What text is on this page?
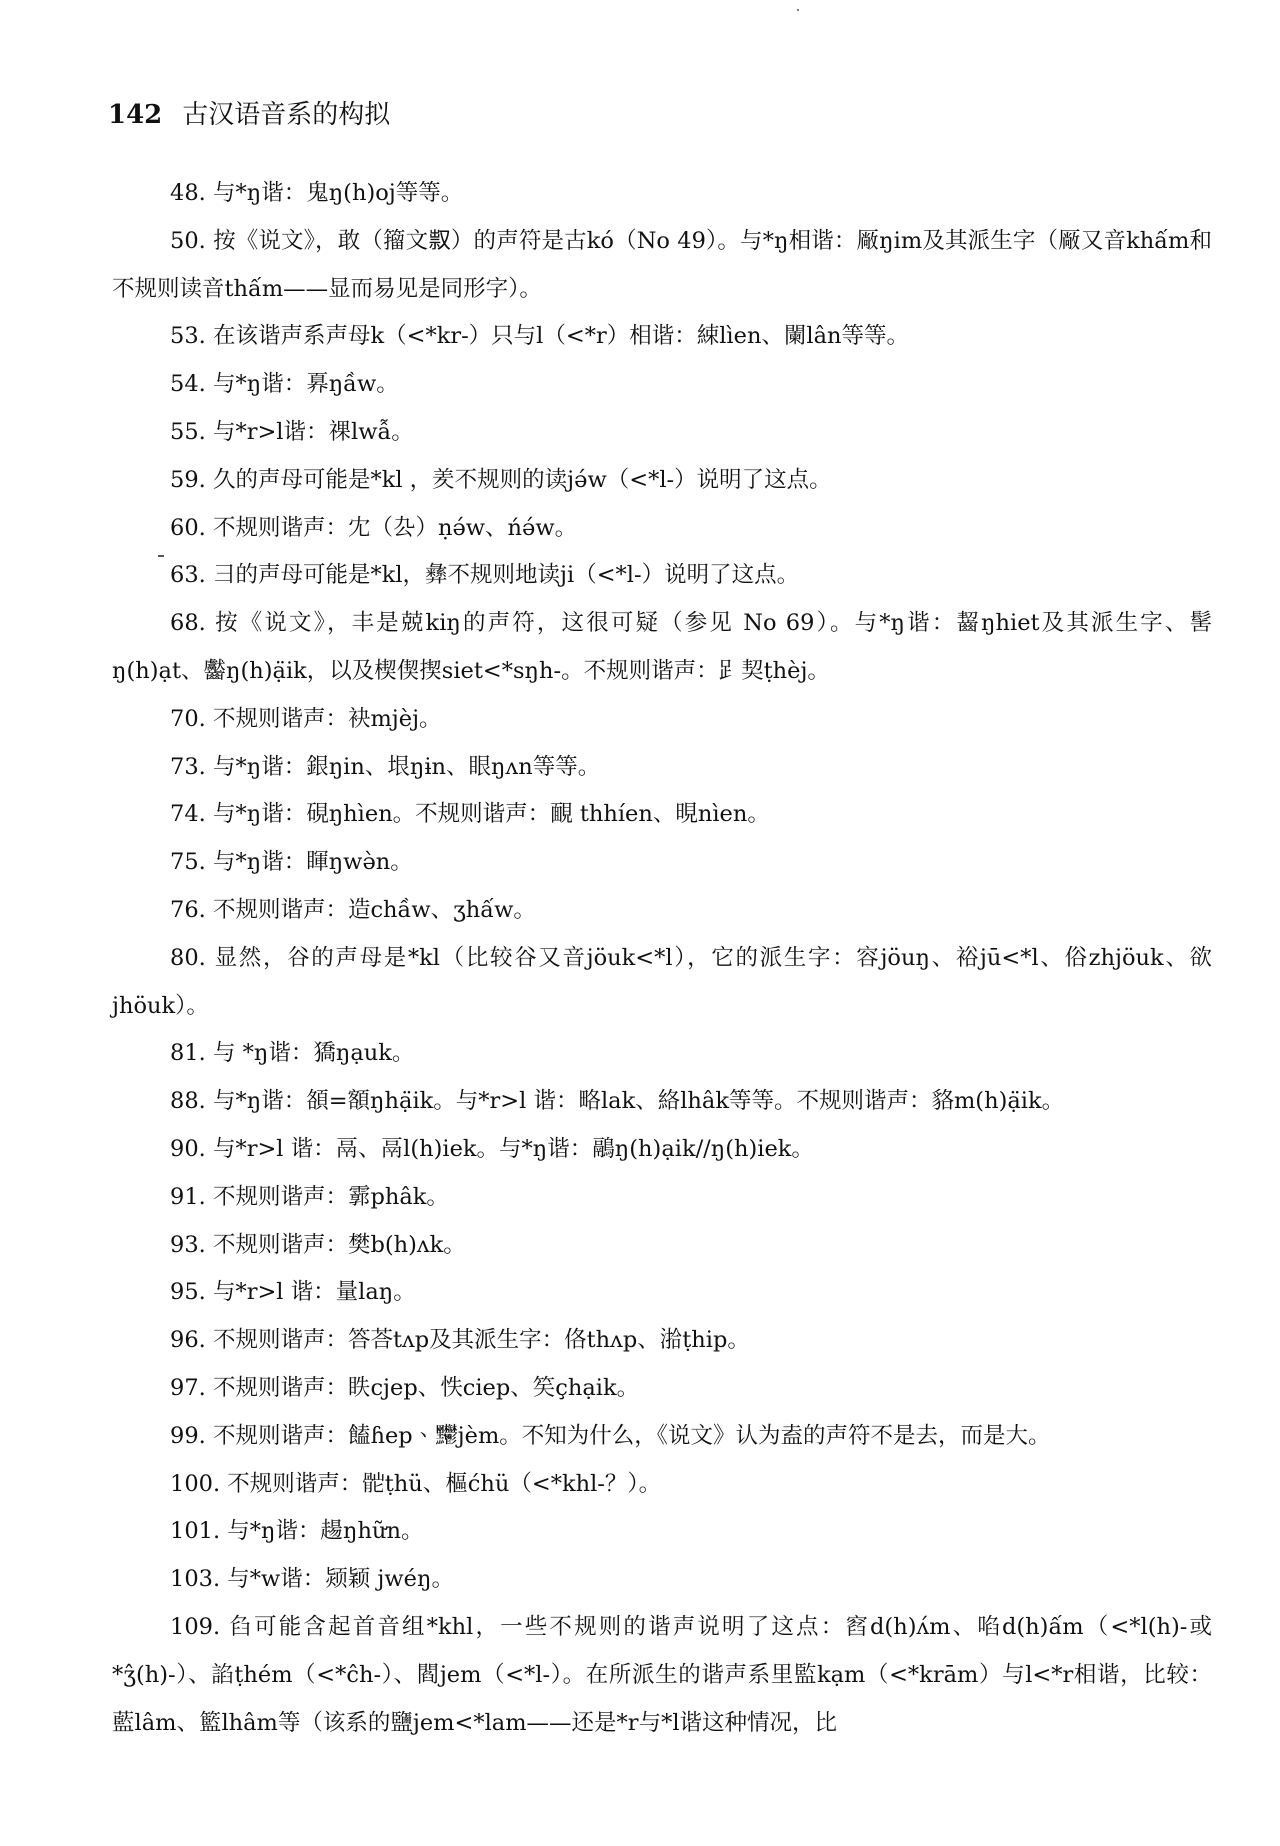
142 古汉语音系的构拟

48. 与*ŋ谐：鬼ŋ(h)oj等等。

50. 按《说文》，敢（籀文𠭥）的声符是古kó（No 49）。与*ŋ相谐：厰ŋim及其派生字（厰又音khấm和不规则读音thấm——显而易见是同形字）。

53. 在该谐声系声母k（<*kr-）只与l（<*r）相谐：綀lìen、闌lân等等。

54. 与*ŋ谐：奡ŋầw。

55. 与*r>l谐：祼lwẫ。

59. 久的声母可能是*kl ，羑不规则的读jə́w（<*l-）说明了这点。

60. 不规则谐声：冘（厹）ṇə́w、ńə́w。

63. 彐的声母可能是*kl，彝不规则地读ji（<*l-）说明了这点。

68. 按《说文》，丰是兢kiŋ的声符，这很可疑（参见 No 69）。与*ŋ谐：齧ŋhiet及其派生字、髺ŋ(h)ạt、齾ŋ(h)ạ̈ik，以及楔偰揳siet<*sŋh-。不规则谐声：𧾷契ṭhèj。

70. 不规则谐声：袂mjèj。

73. 与*ŋ谐：銀ŋin、垠ŋɨn、眼ŋʌn等等。

74. 与*ŋ谐：硯ŋhìen。不规则谐声：靦 thhíen、晛nìen。

75. 与*ŋ谐：睴ŋwə̀n。

76. 不规则谐声：造chầw、ʒhấw。

80. 显然，谷的声母是*kl（比较谷又音jöuk<*l），它的派生字：容jöuŋ、裕jū<*l、俗zhjöuk、欲jhöuk）。

81. 与 *ŋ谐：獢ŋạuk。

88. 与*ŋ谐：頟=額ŋhạ̈ik。与*r>l 谐：略lak、絡lhâk等等。不规则谐声：貉m(h)ạ̈ik。

90. 与*r>l 谐：鬲、鬲l(h)iek。与*ŋ谐：鷊ŋ(h)ạik//ŋ(h)iek。

91. 不规则谐声：霩phâk。

93. 不规则谐声：樊b(h)ʌk。

95. 与*r>l 谐：量laŋ。

96. 不规则谐声：答荅tʌp及其派生字：佫thʌp、湁ṭhip。

97. 不规则谐声：眣cjep、怢ciep、笶çhạik。

99. 不规则谐声：饁ɦep、𪓊jèm。不知为什么，《说文》认为盍的声符不是去，而是大。

100. 不规则谐声：𩨷ṭhü、樞ćhü（<*khl-？）。

101. 与*ŋ谐：𧼮ŋhữn。

103. 与*w谐：颎颖 jwéŋ。

109. 臽可能含起首音组*khl，一些不规则的谐声说明了这点：窞d(h)ʌ́m、啗d(h)ấm（<*l(h)-或*ʒ̂(h)-）、諂ṭhém（<*ĉh-）、閻jem（<*l-）。在所派生的谐声系里監kạm（<*krām）与l<*r相谐，比较：藍lâm、籃lhâm等（该系的鹽jem<*lam——还是*r与*l谐这种情况，比
